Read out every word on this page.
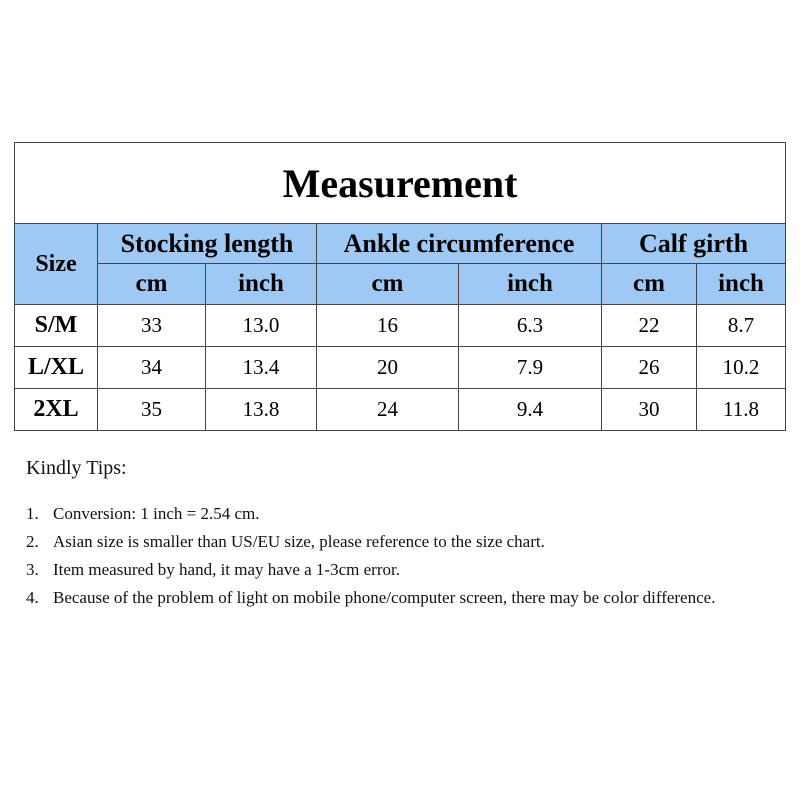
Measurement						
Size	Stocking length		Ankle circumference		Calf girth	
	cm	inch	cm	inch	cm	inch
S/M	33	13.0	16	6.3	22	8.7
L/XL	34	13.4	20	7.9	26	10.2
2XL	35	13.8	24	9.4	30	11.8
Kindly Tips:
1. Conversion: 1 inch = 2.54 cm.
2. Asian size is smaller than US/EU size, please reference to the size chart.
3. Item measured by hand, it may have a 1-3cm error.
4. Because of the problem of light on mobile phone/computer screen, there may be color difference.
